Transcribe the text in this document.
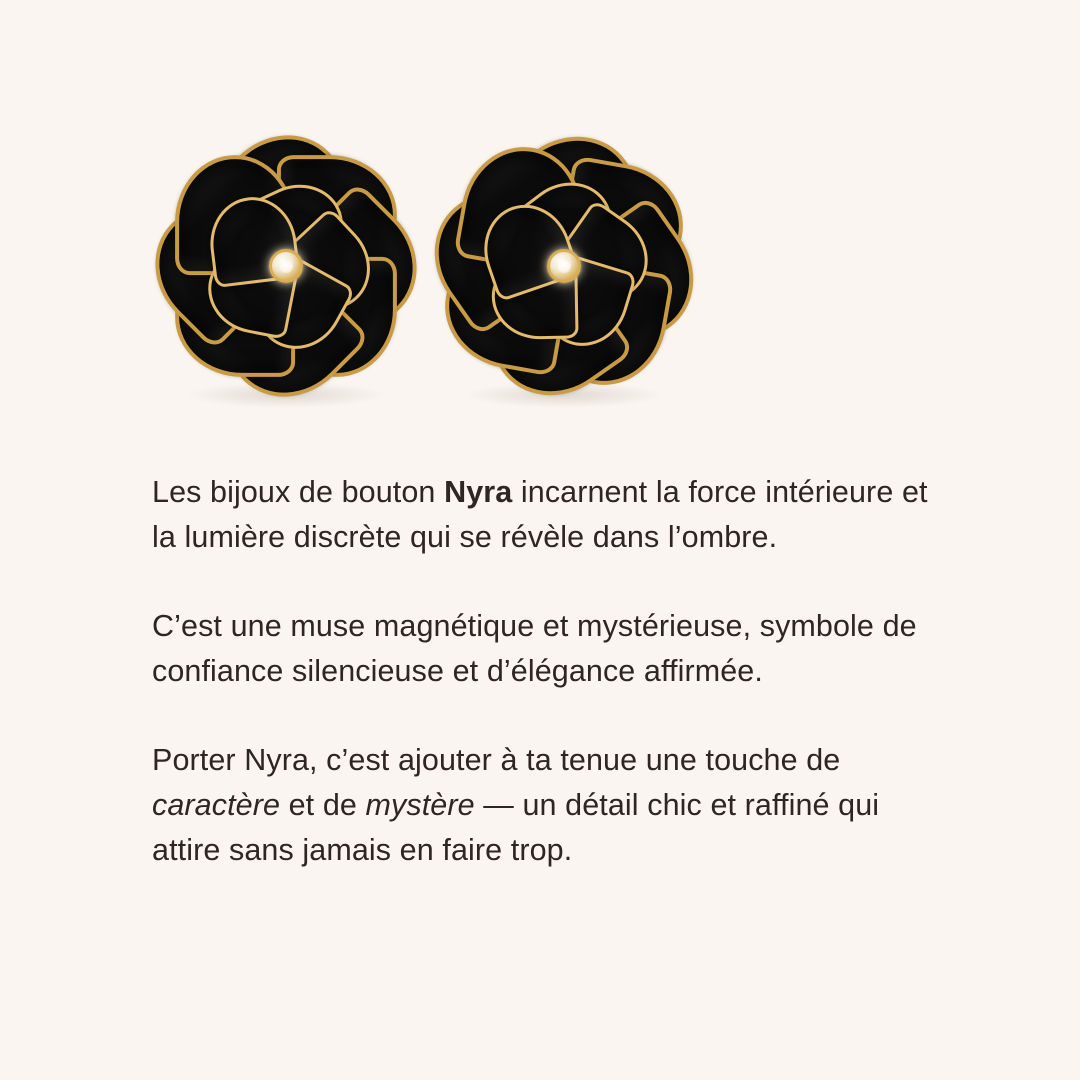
Les bijoux de bouton Nyra incarnent la force intérieure et la lumière discrète qui se révèle dans l’ombre.

C’est une muse magnétique et mystérieuse, symbole de confiance silencieuse et d’élégance affirmée.

Porter Nyra, c’est ajouter à ta tenue une touche de caractère et de mystère — un détail chic et raffiné qui attire sans jamais en faire trop.
